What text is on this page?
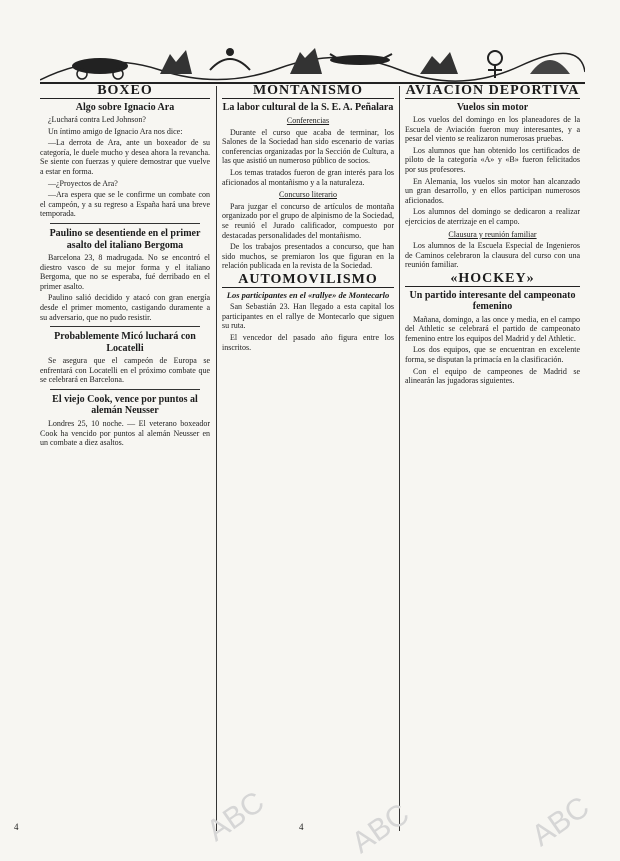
BOXEO
Algo sobre Ignacio Ara

¿Luchará contra Led Johnson?

Un íntimo amigo de Ignacio Ara nos dice:

—La derrota de Ara, ante un boxeador de su categoría, le duele mucho y desea ahora la revancha. Se siente con fuerzas y quiere demostrar que vuelve a estar en forma.

—¿Proyectos de Ara?

—Ara espera que se le confirme un combate con el campeón, y a su regreso a España hará una breve temporada.

Paulino se desentiende en el primer asalto del italiano Bergoma

Barcelona 23, 8 madrugada. No se encontró el diestro vasco de su mejor forma y el italiano Bergoma, que no se esperaba, fué derribado en el primer asalto.

Paulino salió decidido y atacó con gran energía desde el primer momento, castigando duramente a su adversario, que no pudo resistir.

Probablemente Micó luchará con Locatelli

Se asegura que el campeón de Europa se enfrentará con Locatelli en el próximo combate que se celebrará en Barcelona.

El viejo Cook, vence por puntos al alemán Neusser

Londres 25, 10 noche. — El veterano boxeador Cook ha vencido por puntos al alemán Neusser en un combate a diez asaltos.

MONTAÑISMO
La labor cultural de la S. E. A. Peñalara
Conferencias

Durante el curso que acaba de terminar, los Salones de la Sociedad han sido escenario de varias conferencias organizadas por la Sección de Cultura, a las que asistió un numeroso público de socios.

Los temas tratados fueron de gran interés para los aficionados al montañismo y a la naturaleza.

Concurso literario

Para juzgar el concurso de artículos de montaña organizado por el grupo de alpinismo de la Sociedad, se reunió el Jurado calificador, compuesto por destacadas personalidades del montañismo.

De los trabajos presentados a concurso, que han sido muchos, se premiaron los que figuran en la relación publicada en la revista de la Sociedad.

AUTOMOVILISMO
Los participantes en el «rallye» de Montecarlo

San Sebastián 23. Han llegado a esta capital los participantes en el rallye de Montecarlo que siguen su ruta.

El vencedor del pasado año figura entre los inscritos.

AVIACION DEPORTIVA
Vuelos sin motor

Los vuelos del domingo en los planeadores de la Escuela de Aviación fueron muy interesantes, y a pesar del viento se realizaron numerosas pruebas.

Los alumnos que han obtenido los certificados de piloto de la categoría «A» y «B» fueron felicitados por sus profesores.

En Alemania, los vuelos sin motor han alcanzado un gran desarrollo, y en ellos participan numerosos aficionados.

Los alumnos del domingo se dedicaron a realizar ejercicios de aterrizaje en el campo.

Clausura y reunión familiar

Los alumnos de la Escuela Especial de Ingenieros de Caminos celebraron la clausura del curso con una reunión familiar.

«HOCKEY»
Un partido interesante del campeonato femenino

Mañana, domingo, a las once y media, en el campo del Athletic se celebrará el partido de campeonato femenino entre los equipos del Madrid y del Athletic.

Los dos equipos, que se encuentran en excelente forma, se disputan la primacía en la clasificación.

Con el equipo de campeones de Madrid se alinearán las jugadoras siguientes.

4	4
ABC	ABC	ABC
